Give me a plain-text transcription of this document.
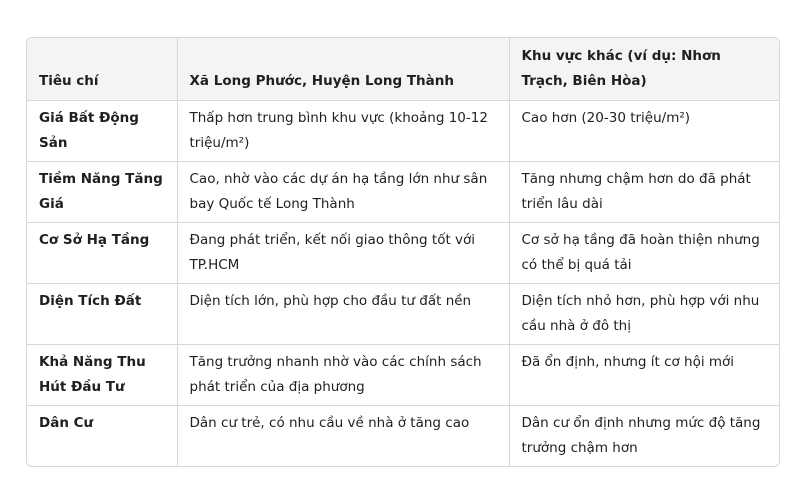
Tiêu chí	Xã Long Phước, Huyện Long Thành	Khu vực khác (ví dụ: Nhơn Trạch, Biên Hòa)
Giá Bất Động Sản	Thấp hơn trung bình khu vực (khoảng 10-12 triệu/m²)	Cao hơn (20-30 triệu/m²)
Tiềm Năng Tăng Giá	Cao, nhờ vào các dự án hạ tầng lớn như sân bay Quốc tế Long Thành	Tăng nhưng chậm hơn do đã phát triển lâu dài
Cơ Sở Hạ Tầng	Đang phát triển, kết nối giao thông tốt với TP.HCM	Cơ sở hạ tầng đã hoàn thiện nhưng có thể bị quá tải
Diện Tích Đất	Diện tích lớn, phù hợp cho đầu tư đất nền	Diện tích nhỏ hơn, phù hợp với nhu cầu nhà ở đô thị
Khả Năng Thu Hút Đầu Tư	Tăng trưởng nhanh nhờ vào các chính sách phát triển của địa phương	Đã ổn định, nhưng ít cơ hội mới
Dân Cư	Dân cư trẻ, có nhu cầu về nhà ở tăng cao	Dân cư ổn định nhưng mức độ tăng trưởng chậm hơn
